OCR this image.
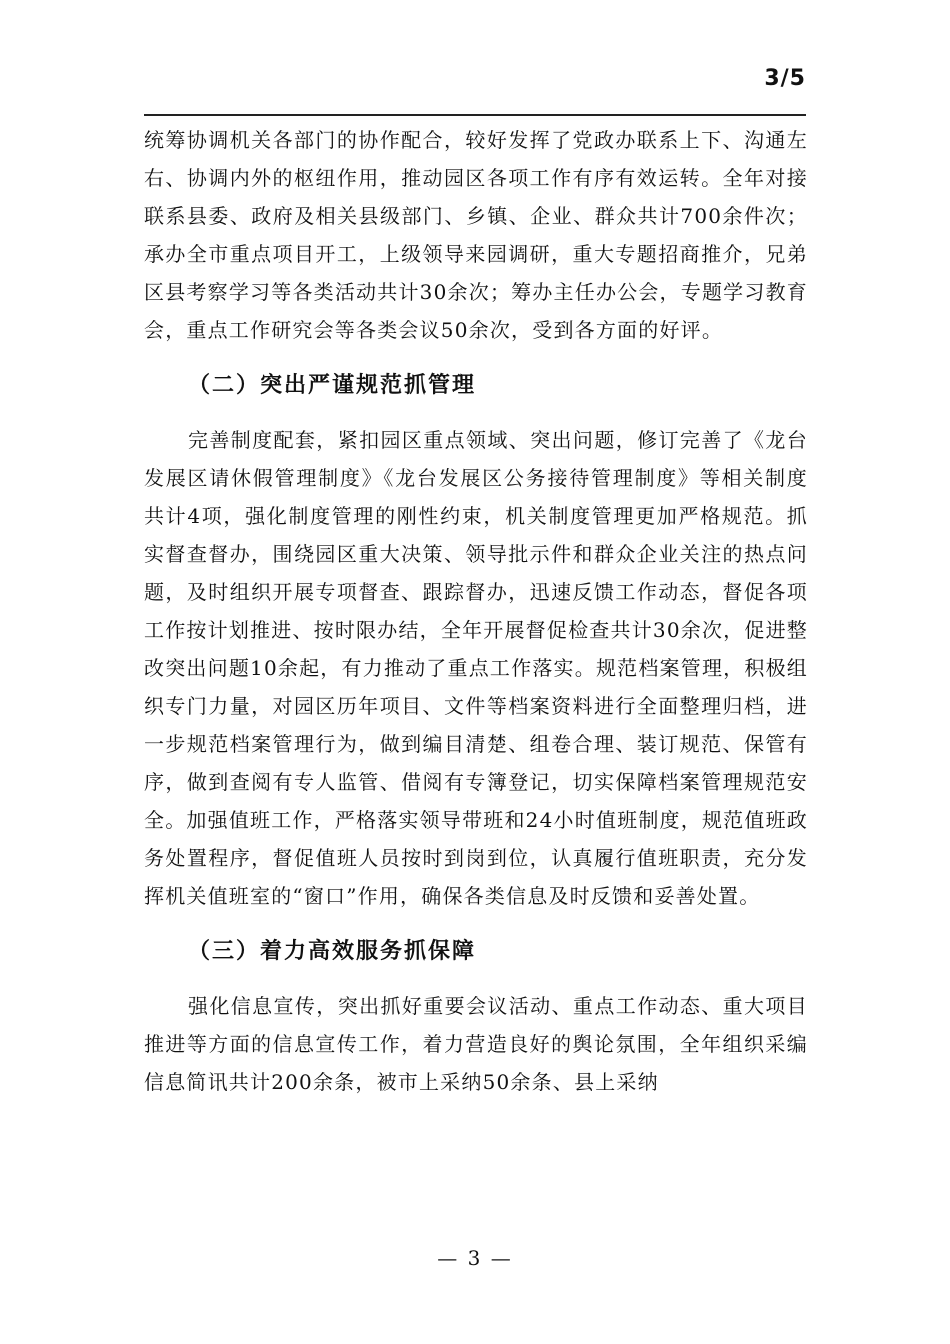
3/5

统筹协调机关各部门的协作配合，较好发挥了党政办联系上下、沟通左右、协调内外的枢纽作用，推动园区各项工作有序有效运转。全年对接联系县委、政府及相关县级部门、乡镇、企业、群众共计700余件次；承办全市重点项目开工，上级领导来园调研，重大专题招商推介，兄弟区县考察学习等各类活动共计30余次；筹办主任办公会，专题学习教育会，重点工作研究会等各类会议50余次，受到各方面的好评。

（二）突出严谨规范抓管理

完善制度配套，紧扣园区重点领域、突出问题，修订完善了《龙台发展区请休假管理制度》《龙台发展区公务接待管理制度》等相关制度共计4项，强化制度管理的刚性约束，机关制度管理更加严格规范。抓实督查督办，围绕园区重大决策、领导批示件和群众企业关注的热点问题，及时组织开展专项督查、跟踪督办，迅速反馈工作动态，督促各项工作按计划推进、按时限办结，全年开展督促检查共计30余次，促进整改突出问题10余起，有力推动了重点工作落实。规范档案管理，积极组织专门力量，对园区历年项目、文件等档案资料进行全面整理归档，进一步规范档案管理行为，做到编目清楚、组卷合理、装订规范、保管有序，做到查阅有专人监管、借阅有专簿登记，切实保障档案管理规范安全。加强值班工作，严格落实领导带班和24小时值班制度，规范值班政务处置程序，督促值班人员按时到岗到位，认真履行值班职责，充分发挥机关值班室的“窗口”作用，确保各类信息及时反馈和妥善处置。

（三）着力高效服务抓保障

强化信息宣传，突出抓好重要会议活动、重点工作动态、重大项目推进等方面的信息宣传工作，着力营造良好的舆论氛围，全年组织采编信息简讯共计200余条，被市上采纳50余条、县上采纳

— 3 —
